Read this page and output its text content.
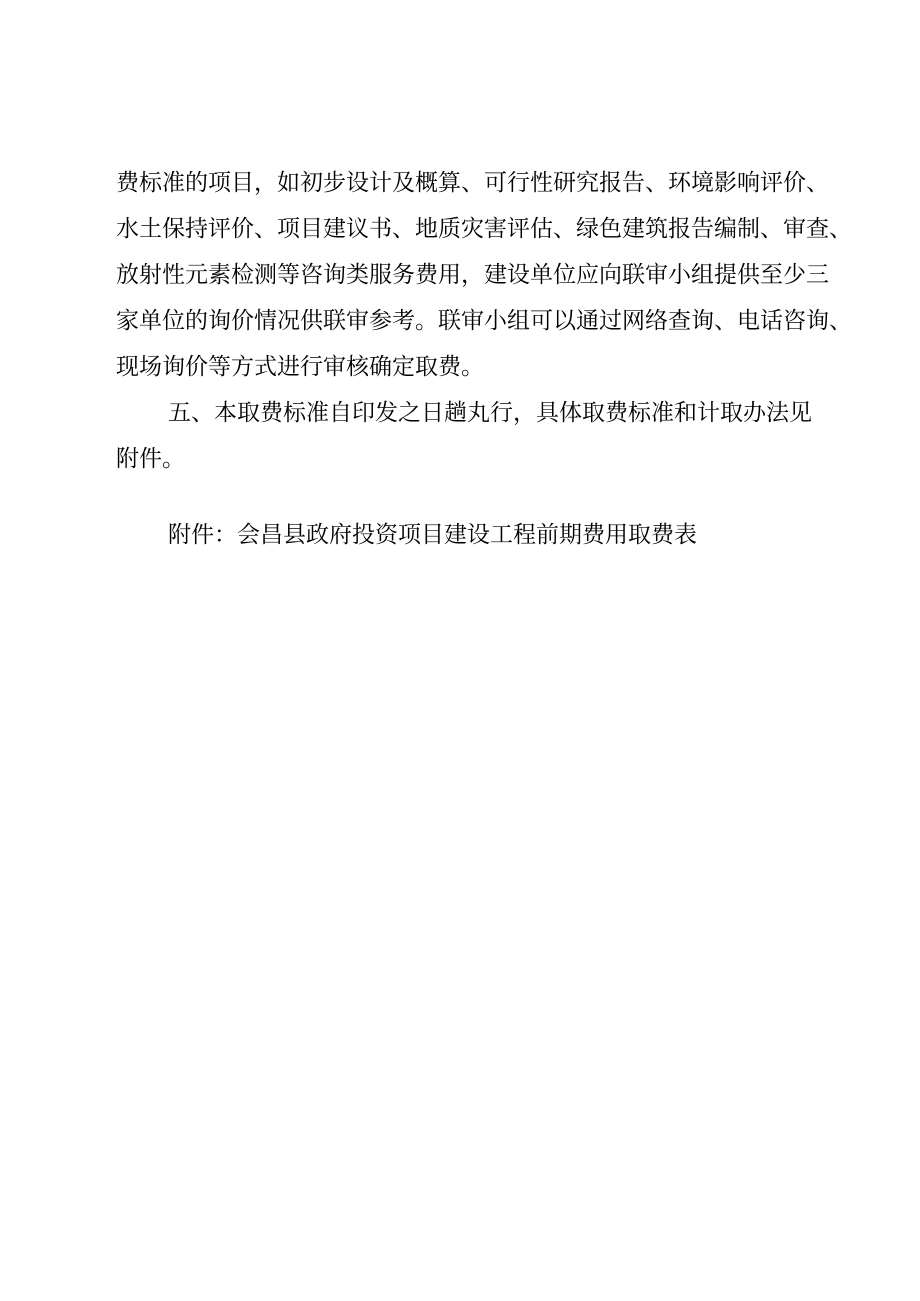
费标准的项目，如初步设计及概算、可行性研究报告、环境影响评价、
水土保持评价、项目建议书、地质灾害评估、绿色建筑报告编制、审查、
放射性元素检测等咨询类服务费用，建设单位应向联审小组提供至少三
家单位的询价情况供联审参考。联审小组可以通过网络查询、电话咨询、
现场询价等方式进行审核确定取费。
五、本取费标准自印发之日趟丸行，具体取费标准和计取办法见
附件。
附件：会昌县政府投资项目建设工程前期费用取费表
